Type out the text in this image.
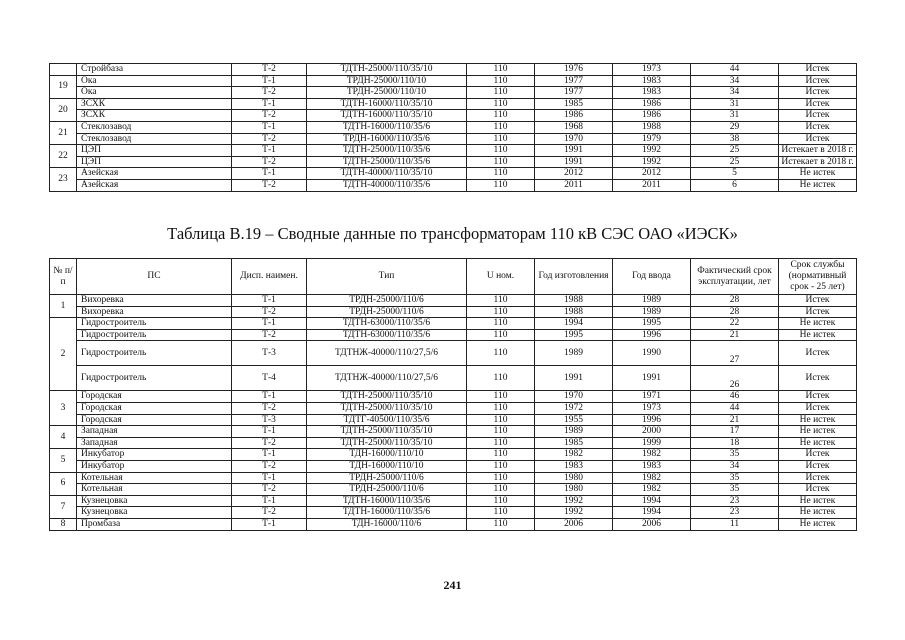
	Стройбаза	Т-2	ТДТН-25000/110/35/10	110	1976	1973	44	Истек
19	Ока	Т-1	ТРДН-25000/110/10	110	1977	1983	34	Истек
	Ока	Т-2	ТРДН-25000/110/10	110	1977	1983	34	Истек
20	ЗСХК	Т-1	ТДТН-16000/110/35/10	110	1985	1986	31	Истек
	ЗСХК	Т-2	ТДТН-16000/110/35/10	110	1986	1986	31	Истек
21	Стеклозавод	Т-1	ТДТН-16000/110/35/6	110	1968	1988	29	Истек
	Стеклозавод	Т-2	ТРДН-16000/110/35/6	110	1970	1979	38	Истек
22	ЦЭП	Т-1	ТДТН-25000/110/35/6	110	1991	1992	25	Истекает в 2018 г.
	ЦЭП	Т-2	ТДТН-25000/110/35/6	110	1991	1992	25	Истекает в 2018 г.
23	Азейская	Т-1	ТДТН-40000/110/35/10	110	2012	2012	5	Не истек
	Азейская	Т-2	ТДТН-40000/110/35/6	110	2011	2011	6	Не истек
Таблица В.19 – Сводные данные по трансформаторам 110 кВ СЭС ОАО «ИЭСК»
№ п/п	ПС	Дисп. наимен.	Тип	U ном.	Год изготовления	Год ввода	Фактический срок эксплуатации, лет	Срок службы (нормативный срок - 25 лет)
1	Вихоревка	Т-1	ТРДН-25000/110/6	110	1988	1989	28	Истек
	Вихоревка	Т-2	ТРДН-25000/110/6	110	1988	1989	28	Истек
2	Гидростроитель	Т-1	ТДТН-63000/110/35/6	110	1994	1995	22	Не истек
	Гидростроитель	Т-2	ТДТН-63000/110/35/6	110	1995	1996	21	Не истек
	Гидростроитель	Т-3	ТДТНЖ-40000/110/27,5/6	110	1989	1990	27	Истек
	Гидростроитель	Т-4	ТДТНЖ-40000/110/27,5/6	110	1991	1991	26	Истек
3	Городская	Т-1	ТДТН-25000/110/35/10	110	1970	1971	46	Истек
	Городская	Т-2	ТДТН-25000/110/35/10	110	1972	1973	44	Истек
	Городская	Т-3	ТДТГ-40500/110/35/6	110	1955	1996	21	Не истек
4	Западная	Т-1	ТДТН-25000/110/35/10	110	1989	2000	17	Не истек
	Западная	Т-2	ТДТН-25000/110/35/10	110	1985	1999	18	Не истек
5	Инкубатор	Т-1	ТДН-16000/110/10	110	1982	1982	35	Истек
	Инкубатор	Т-2	ТДН-16000/110/10	110	1983	1983	34	Истек
6	Котельная	Т-1	ТРДН-25000/110/6	110	1980	1982	35	Истек
	Котельная	Т-2	ТРДН-25000/110/6	110	1980	1982	35	Истек
7	Кузнецовка	Т-1	ТДТН-16000/110/35/6	110	1992	1994	23	Не истек
	Кузнецовка	Т-2	ТДТН-16000/110/35/6	110	1992	1994	23	Не истек
8	Промбаза	Т-1	ТДН-16000/110/6	110	2006	2006	11	Не истек
241
